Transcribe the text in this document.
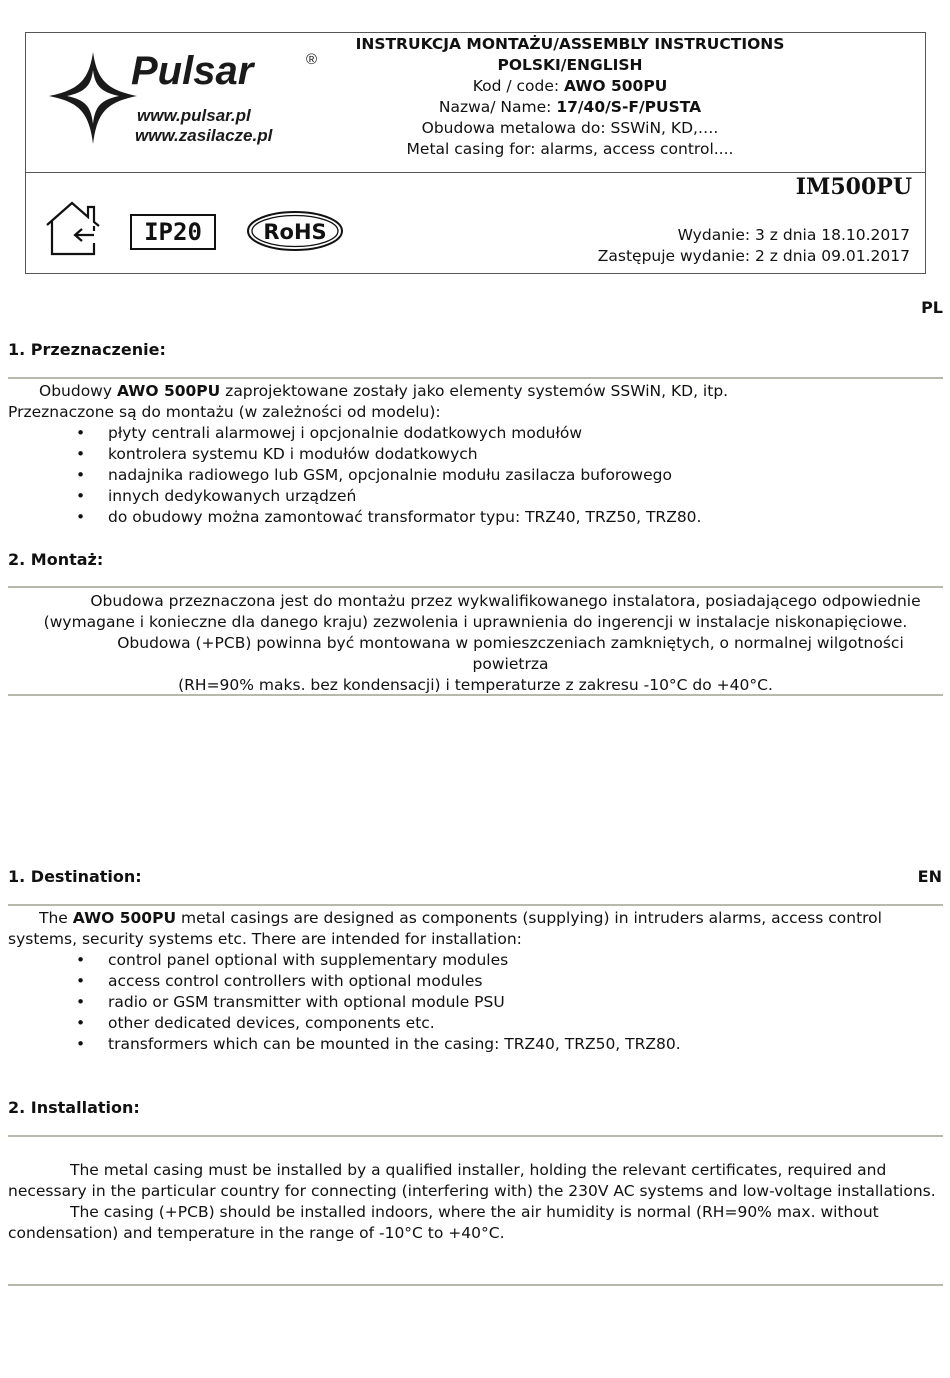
Pulsar	®
www.pulsar.pl
www.zasilacze.pl
INSTRUKCJA MONTAŻU/ASSEMBLY INSTRUCTIONS
POLSKI/ENGLISH
Kod / code: AWO 500PU
Nazwa/ Name: 17/40/S-F/PUSTA
Obudowa metalowa do: SSWiN, KD,….
Metal casing for: alarms, access control....
IP20	RoHS
IM500PU
Wydanie: 3 z dnia 18.10.2017
Zastępuje wydanie: 2 z dnia 09.01.2017
PL
1. Przeznaczenie:
Obudowy AWO 500PU zaprojektowane zostały jako elementy systemów SSWiN, KD, itp.
Przeznaczone są do montażu (w zależności od modelu):
• płyty centrali alarmowej i opcjonalnie dodatkowych modułów
• kontrolera systemu KD i modułów dodatkowych
• nadajnika radiowego lub GSM, opcjonalnie modułu zasilacza buforowego
• innych dedykowanych urządzeń
• do obudowy można zamontować transformator typu: TRZ40, TRZ50, TRZ80.
2. Montaż:
Obudowa przeznaczona jest do montażu przez wykwalifikowanego instalatora, posiadającego odpowiednie
(wymagane i konieczne dla danego kraju) zezwolenia i uprawnienia do ingerencji w instalacje niskonapięciowe.
Obudowa (+PCB) powinna być montowana w pomieszczeniach zamkniętych, o normalnej wilgotności powietrza
(RH=90% maks. bez kondensacji) i temperaturze z zakresu -10°C do +40°C.
1. Destination:	EN
The AWO 500PU metal casings are designed as components (supplying) in intruders alarms, access control
systems, security systems etc. There are intended for installation:
• control panel optional with supplementary modules
• access control controllers with optional modules
• radio or GSM transmitter with optional module PSU
• other dedicated devices, components etc.
• transformers which can be mounted in the casing: TRZ40, TRZ50, TRZ80.
2. Installation:
The metal casing must be installed by a qualified installer, holding the relevant certificates, required and
necessary in the particular country for connecting (interfering with) the 230V AC systems and low-voltage installations.
The casing (+PCB) should be installed indoors, where the air humidity is normal (RH=90% max. without
condensation) and temperature in the range of -10°C to +40°C.
